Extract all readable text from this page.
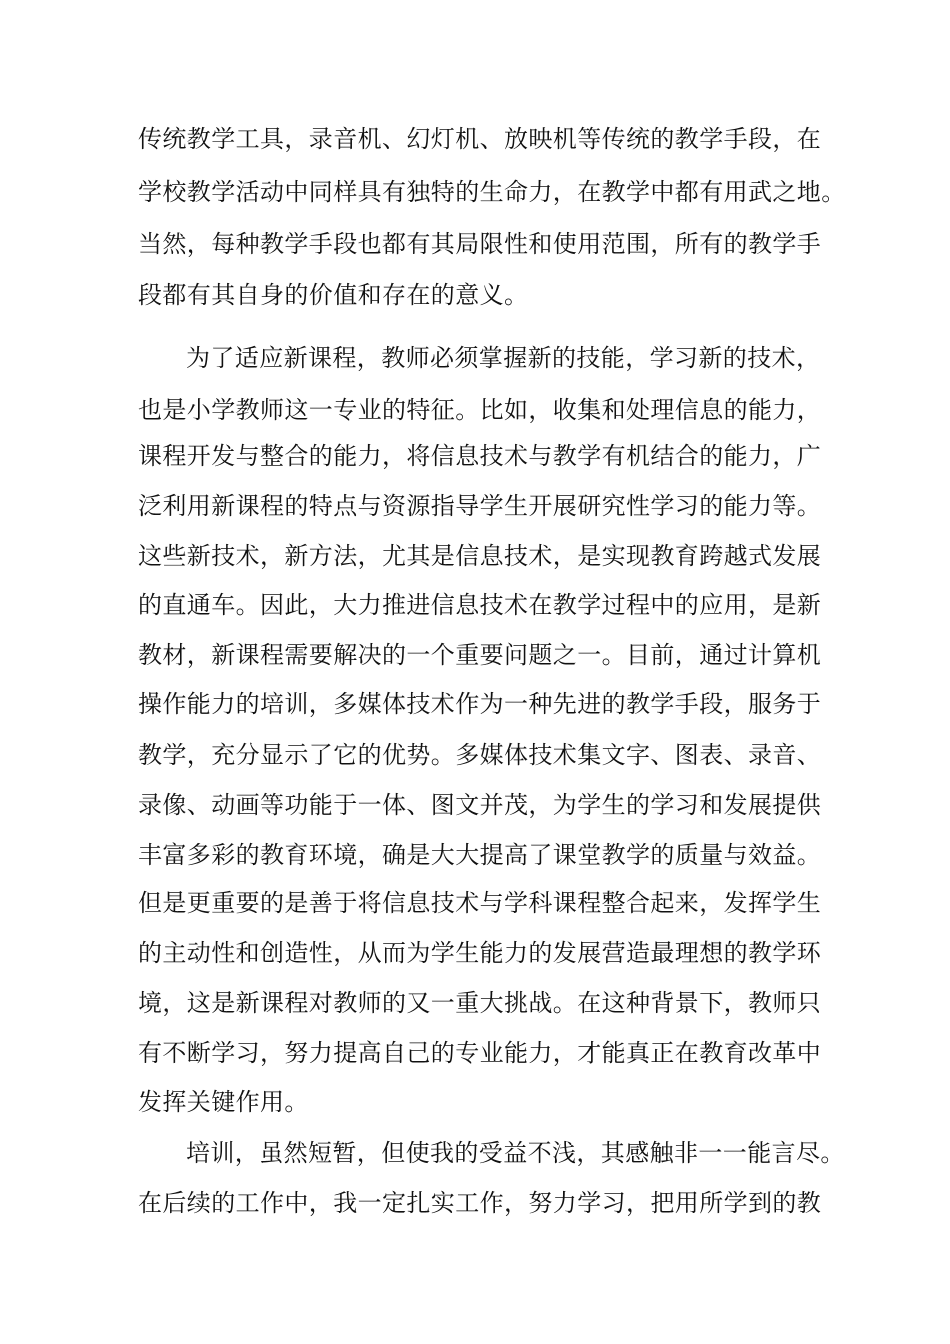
传统教学工具，录音机、幻灯机、放映机等传统的教学手段，在
学校教学活动中同样具有独特的生命力，在教学中都有用武之地。
当然，每种教学手段也都有其局限性和使用范围，所有的教学手
段都有其自身的价值和存在的意义。
为了适应新课程，教师必须掌握新的技能，学习新的技术，
也是小学教师这一专业的特征。比如，收集和处理信息的能力，
课程开发与整合的能力，将信息技术与教学有机结合的能力，广
泛利用新课程的特点与资源指导学生开展研究性学习的能力等。
这些新技术，新方法，尤其是信息技术，是实现教育跨越式发展
的直通车。因此，大力推进信息技术在教学过程中的应用，是新
教材，新课程需要解决的一个重要问题之一。目前，通过计算机
操作能力的培训，多媒体技术作为一种先进的教学手段，服务于
教学，充分显示了它的优势。多媒体技术集文字、图表、录音、
录像、动画等功能于一体、图文并茂，为学生的学习和发展提供
丰富多彩的教育环境，确是大大提高了课堂教学的质量与效益。
但是更重要的是善于将信息技术与学科课程整合起来，发挥学生
的主动性和创造性，从而为学生能力的发展营造最理想的教学环
境，这是新课程对教师的又一重大挑战。在这种背景下，教师只
有不断学习，努力提高自己的专业能力，才能真正在教育改革中
发挥关键作用。
培训，虽然短暂，但使我的受益不浅，其感触非一一能言尽。
在后续的工作中，我一定扎实工作，努力学习，把用所学到的教
